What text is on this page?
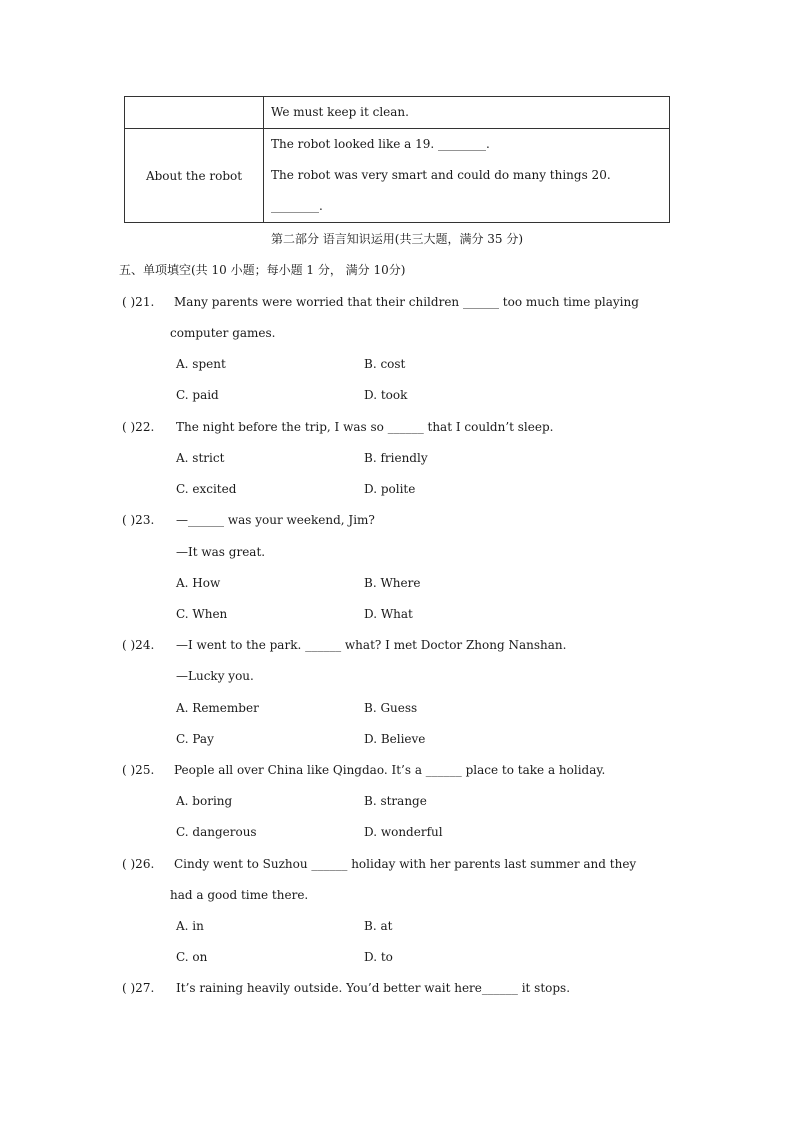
	We must keep it clean.

About the robot	The robot looked like a 19. ________.
The robot was very smart and could do many things 20.
________.
第二部分 语言知识运用(共三大题，满分 35 分)
五、单项填空(共 10 小题；每小题 1 分， 满分 10分)
( )21. Many parents were worried that their children ______ too much time playing
computer games.
A. spent	B. cost
C. paid	D. took
( )22. The night before the trip, I was so ______ that I couldn’t sleep.
A. strict	B. friendly
C. excited	D. polite
( )23. —______ was your weekend, Jim?
—It was great.
A. How	B. Where
C. When	D. What
( )24. —I went to the park. ______ what? I met Doctor Zhong Nanshan.
—Lucky you.
A. Remember	B. Guess
C. Pay	D. Believe
( )25. People all over China like Qingdao. It’s a ______ place to take a holiday.
A. boring	B. strange
C. dangerous	D. wonderful
( )26. Cindy went to Suzhou ______ holiday with her parents last summer and they
had a good time there.
A. in	B. at
C. on	D. to
( )27. It’s raining heavily outside. You’d better wait here______ it stops.
